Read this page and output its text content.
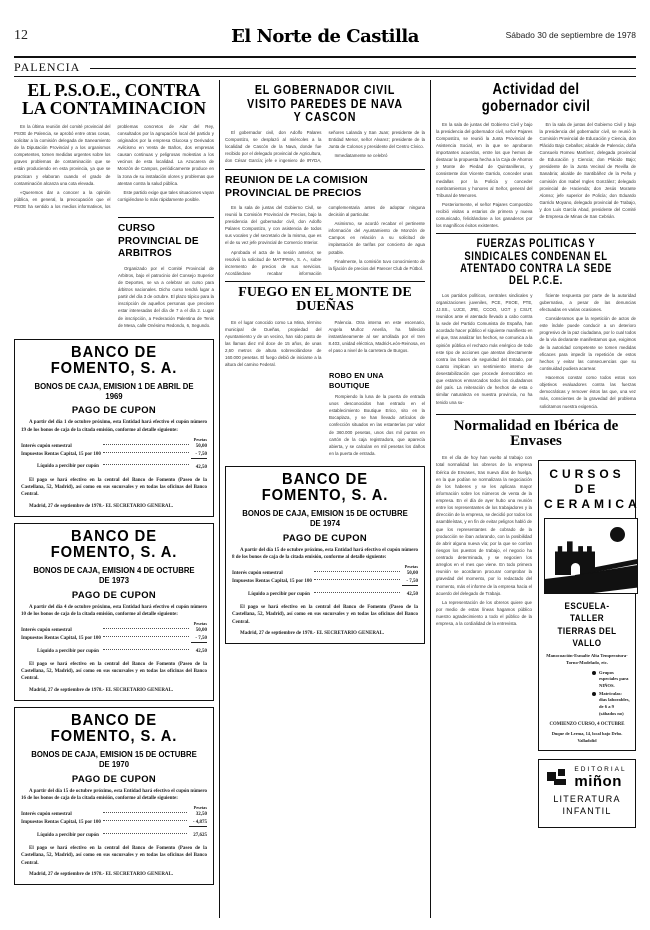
12	El Norte de Castilla	Sábado 30 de septiembre de 1978
PALENCIA
EL P.S.O.E., CONTRA LA CONTAMINACION

En la última reunión del comité provincial del PSOE de Palencia, se aprobó entre otras cosas, solicitar a la comisión delegada de Saneamiento de la Diputación Provincial y a los organismos competentes, tomen medidas urgentes sobre los graves problemas de contaminación que se están produciendo en esta provincia, ya que se practican y elaboran cuando el grado de contaminación alcanza una cota elevada.

«Queremos dar a conocer a la opinión pública, en general, la preocupación que el PSOE ha sentido a los medios informativos, los problemas concretos de Alar del Rey, consultados por la agrupación local del partido y originados por la empresa Glucosa y Derivados Avilcismo en Venta de Baños, dos empresas causan continuas y peligrosas molestias a los vecinos de esta localidad. La Azucarera de Monzón de Campos, periódicamente produce en la zona de su instalación olores y problemas que atentan contra la salud pública.

Este partido exige que tales situaciones vayan corrigiéndose lo más rápidamente posible.

CURSO PROVINCIAL DE ARBITROS

Organizado por el Comité Provincial de Arbitros, bajo el patrocinio del Consejo Superior de Deportes, se va a celebrar un curso para árbitros nacionales. Dicho curso tendrá lugar a partir del día 3 de octubre. El plazo tópico para la inscripción de aquellos personas que precisen estar interesadas del día de 7 a el día 2. Lugar de inscripción, a Federación Palentina de Tenis de Mesa, calle Onésimo Redondo, 6, Segundo.

BANCO DE FOMENTO, S. A.
BONOS DE CAJA, EMISION 1 DE ABRIL DE 1969
PAGO DE CUPON
A partir del día 1 de octubre próximo, esta Entidad hará efectivo el cupón número 19 de los bonos de caja de la citada emisión, conforme al detalle siguiente:
Pesetas
Interés cupón semestral		50,00
Impuestos Rentas Capital, 15 por 100		- 7,50
Líquido a percibir por cupón		42,50
El pago se hará efectivo en la central del Banco de Fomento (Paseo de la Castellana, 52, Madrid), así como en sus sucursales y en todas las oficinas del Banco Central.
Madrid, 27 de septiembre de 1978.- EL SECRETARIO GENERAL.
BANCO DE FOMENTO, S. A.
BONOS DE CAJA, EMISION 4 DE OCTUBRE DE 1973
PAGO DE CUPON
A partir del día 4 de octubre próximo, esta Entidad hará efectivo el cupón número 10 de los bonos de caja de la citada emisión, conforme al detalle siguiente:
Pesetas
Interés cupón semestral		50,00
Impuestos Rentas Capital, 15 por 100		- 7,50
Líquido a percibir por cupón		42,50
El pago se hará efectivo en la central del Banco de Fomento (Paseo de la Castellana, 52, Madrid), así como en sus sucursales y en todas las oficinas del Banco Central.
Madrid, 27 de septiembre de 1978.- EL SECRETARIO GENERAL.
BANCO DE FOMENTO, S. A.
BONOS DE CAJA, EMISION 15 DE OCTUBRE DE 1970
PAGO DE CUPON
A partir del día 15 de octubre próximo, esta Entidad hará efectivo el cupón número 16 de los bonos de caja de la citada emisión, conforme al detalle siguiente:
Pesetas
Interés cupón semestral		32,50
Impuestos Rentas Capital, 15 por 100		- 4,875
Líquido a percibir por cupón		27,625
El pago se hará efectivo en la central del Banco de Fomento (Paseo de la Castellana, 52, Madrid), así como en sus sucursales y en todas las oficinas del Banco Central.
Madrid, 27 de septiembre de 1978.- EL SECRETARIO GENERAL.
EL GOBERNADOR CIVIL VISITO PAREDES DE NAVA Y CASCON

El gobernador civil, don Adolfo Palares Compostizo, se desplazó al miércoles a la localidad de Cascón de la Nava, donde fue recibido por el delegado provincial de Agricultura, don César García; jefe e ingeniero de IRYDA, señores Lalanda y San Juan; presidente de la Entidad Menor, señor Alvarez; presidente de la Junta de Colonos y presidente del Centro Cívico.

Inmediatamente se celebró

REUNION DE LA COMISION PROVINCIAL DE PRECIOS

En la sala de juntas del Gobierno Civil, se reunió la Comisión Provincial de Precios, bajo la presidencia del gobernador civil, don Adolfo Palares Compostizo, y con asistencia de todos sus vocales y del secretario de la misma, que es el de su vez jefe provincial de Comercio Interior.

Aprobada el acta de la sesión anterior, se resolvió la solicitud de MATIPIMA, S. A., sobre incremento de precios de sus servicios. Acordándose recabar información complementaria antes de adoptar ninguna decisión al particular.

Asimismo, se acordó recabar el pertinente información del Ayuntamiento de Monzón de Campos en relación a su solicitud de implantación de tarifas por concierto de agua potable.

Finalmente, la comisión tuvo conocimiento de la fijación de precios del Parecer Club de Fútbol.

FUEGO EN EL MONTE DE DUEÑAS

En el lugar conocido como La Mina, término municipal de Dueñas, propiedad del Ayuntamiento y de un vecino, han sido pasto de las llamas diez mil doce de 15 años, de unas 2,60 metros de altura sobrevolándose de 160.000 pesetas. El fuego debió de iniciarse a la altura del camino Federal.

Palencia. Otra interna en este escenario, Angela Muñoz Anerila, ha fallecido instantáneamente al ser arrollada por el tren 8.403, unidad eléctrica, Madrid-León-Reinosa, en el paso a nivel de la carretera de Burgos.

ROBO EN UNA BOUTIQUE

Rompiendo la luna de la puerta de entrada unos desconocidos han entrado en el establecimiento Boutique Erico, sito en la Bocaplaza, y se han llevado artículos de confección situados en las estanterías por valor de 360.000 pesetas, unos dos mil puntos en cartón de la caja registradora, que aparecía abierta, y se calculan en mil pesetas los daños en la puerta de entrada.

BANCO DE FOMENTO, S. A.
BONOS DE CAJA, EMISION 15 DE OCTUBRE DE 1974
PAGO DE CUPON
A partir del día 15 de octubre próximo, esta Entidad hará efectivo el cupón número 8 de los bonos de caja de la citada emisión, conforme al detalle siguiente:
Pesetas
Interés cupón semestral		50,00
Impuestos Rentas Capital, 15 por 100		- 7,50
Líquido a percibir por cupón		42,50
El pago se hará efectivo en la central del Banco de Fomento (Paseo de la Castellana, 52, Madrid), así como en sus sucursales y en todas las oficinas del Banco Central.
Madrid, 27 de septiembre de 1978.- EL SECRETARIO GENERAL.
Actividad del gobernador civil

En la sala de juntas del Gobierno Civil y bajo la presidencia del gobernador civil, señor Pajares Compostizo, se reunió la Junta Provincial de Asistencia Social, en la que se aprobaron importantes acuerdos, entre los que hemos de destacar la propuesta hecha a la Caja de Ahorros y Monte de Piedad de Quintanilleros, y consistente don Vicente Garrido, conceder unas medallas por la Policía y conceder nombramientos y honores al Señor, general del Tribunal de Menores.

Posteriormente, el señor Pajares Compostizo recibió visitas a estarios de primera y nueva comunicado, felicitándose a los ganaderos por los magníficos éxitos existentes.

En la sala de juntas del Gobierno Civil y bajo la presidencia del gobernador civil, se reunió la Comisión Provincial de Educación y Ciencia, don Plácido Bajo Ceballos; alcalde de Palencia; doña Consuelo Romeu Martínez, delegada provincial de Educación y Ciencia; don Plácido Bajo; presidente de la Junta Vecinal de Revilla de Sanabria; alcalde de Santibáñez de la Peña y comisión don Isabel Ingles González; delegado provincial de Hacienda; don Jesús Morante Alonso; jefe superior de Policía; don Eduardo Garrido Moyano, delegado provincial de Trabajo, y don Luis García Abad, presidente del Comité de Empresa de Minas de San Cebrián.

FUERZAS POLITICAS Y SINDICALES CONDENAN EL ATENTADO CONTRA LA SEDE DEL P.C.E.

Los partidos políticos, centrales sindicales y organizaciones juveniles, PCE, PSOE, PTE, JJ.SS., UJCE, JRE, CCOO, UGT y CSUT, reunidos ante el atentado llevado a cabo contra la sede del Partido Comunista de España, han acordado hacer público el siguiente manifiesto en el que, tras analizar los hechos, se comunica a la opinión pública el rechazo más enérgico de todo este tipo de acciones que atentan directamente contra las bases de seguridad del Estado, por cuanto implican un sentimiento interno de desestabilización que procede democrático en que estamos enmarcados todos los ciudadanos del país. La reiteración de hechos de esta o similar naturaleza en nuestra provincia, no ha tenido una su-

ficiente respuesta por parte de la autoridad gubernativa, a pesar de las denuncias efectuadas en varias ocasiones.

Consideramos que la repetición de actos de este índole puede conducir a un deterioro progresivo de la paz ciudadana, por lo cual todos de la vía declarante manifestamos que, exigimos de la autoridad competente se tomen medidas eficaces para impedir la repetición de estos hechos y evitar las consecuencias que su continuidad pudiera acarrear.

Hacemos constar como todos estos son objetivos evaluadores contra las fuerzas democráticas y remover éstos las que, una vez más, conscientes de la gravedad del problema solicitamos nuestra exigencia.

Normalidad en Ibérica de Envases

En el día de hoy han vuelto al trabajo con total normalidad los obreros de la empresa Ibérica de Envases, tras nueva días de huelga, en la que podían se normalizara la negociación de los haberes y se les aplicara mayor información sobre los números de venta de la empresa. En el día de ayer hubo una reunión entre los representantes de los trabajadores y la dirección de la empresa, se decidió por todos los asambleístas, y en fin de evitar peligros habló de que los representantes de cobrado de la producción se iban aclarando, con la posibilidad de abrir alguna nueva vía; por la que se corrían riesgos los puestos de trabajo, el negocio ha centrado determinada, y se negocien los arreglos en el mes que viene. En todo primera reunión se acordaron procurar comprobar la gravedad del momento, por lo redactado del momento, más el informe de la empresa hacia el acuerdo del delegado de Trabajo.

La representación de los obreros quiere que por medio de estas líneas hagamos público nuestro agradecimiento a todo el público de la empresa, a la cordialidad de la entrevista.

CURSOS DE
CERAMICA
ESCUELA-TALLER
TIERRAS DEL VALLO
Manocoación-Esmalte Alta Temperatura-Torno-Modelado, etc.
Grupos especiales para NIÑOS.
Matrículas: dias laborables, de 6 a 9 (sábados no)
COMIENZO CURSO, 4 OCTUBRE
Duque de Lerma, 14, local bajo Drbo. Valladolid
EDITORIAL
miñon
LITERATURA
INFANTIL
